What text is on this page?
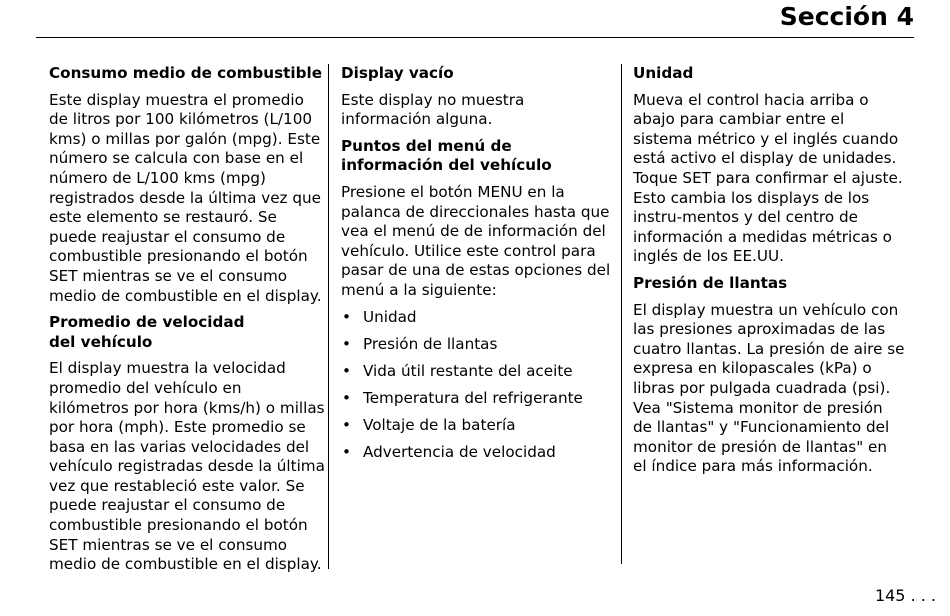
Sección 4
Consumo medio de combustible

Este display muestra el promedio de litros por 100 kilómetros (L/100 kms) o millas por galón (mpg). Este número se calcula con base en el número de L/100 kms (mpg) registrados desde la última vez que este elemento se restauró. Se puede reajustar el consumo de combustible presionando el botón SET mientras se ve el consumo medio de combustible en el display.

Promedio de velocidad
del vehículo

El display muestra la velocidad promedio del vehículo en kilómetros por hora (kms/h) o millas por hora (mph). Este promedio se basa en las varias velocidades del vehículo registradas desde la última vez que restableció este valor. Se puede reajustar el consumo de combustible presionando el botón SET mientras se ve el consumo medio de combustible en el display.

Display vacío

Este display no muestra información alguna.

Puntos del menú de información del vehículo

Presione el botón MENU en la palanca de direccionales hasta que vea el menú de de información del vehículo. Utilice este control para pasar de una de estas opciones del menú a la siguiente:

• Unidad
• Presión de llantas
• Vida útil restante del aceite
• Temperatura del refrigerante
• Voltaje de la batería
• Advertencia de velocidad
Unidad

Mueva el control hacia arriba o abajo para cambiar entre el sistema métrico y el inglés cuando está activo el display de unidades. Toque SET para confirmar el ajuste. Esto cambia los displays de los instru-mentos y del centro de información a medidas métricas o inglés de los EE.UU.

Presión de llantas

El display muestra un vehículo con las presiones aproximadas de las cuatro llantas. La presión de aire se expresa en kilopascales (kPa) o libras por pulgada cuadrada (psi). Vea "Sistema monitor de presión de llantas" y "Funcionamiento del monitor de presión de llantas" en el índice para más información.

145 . . .
